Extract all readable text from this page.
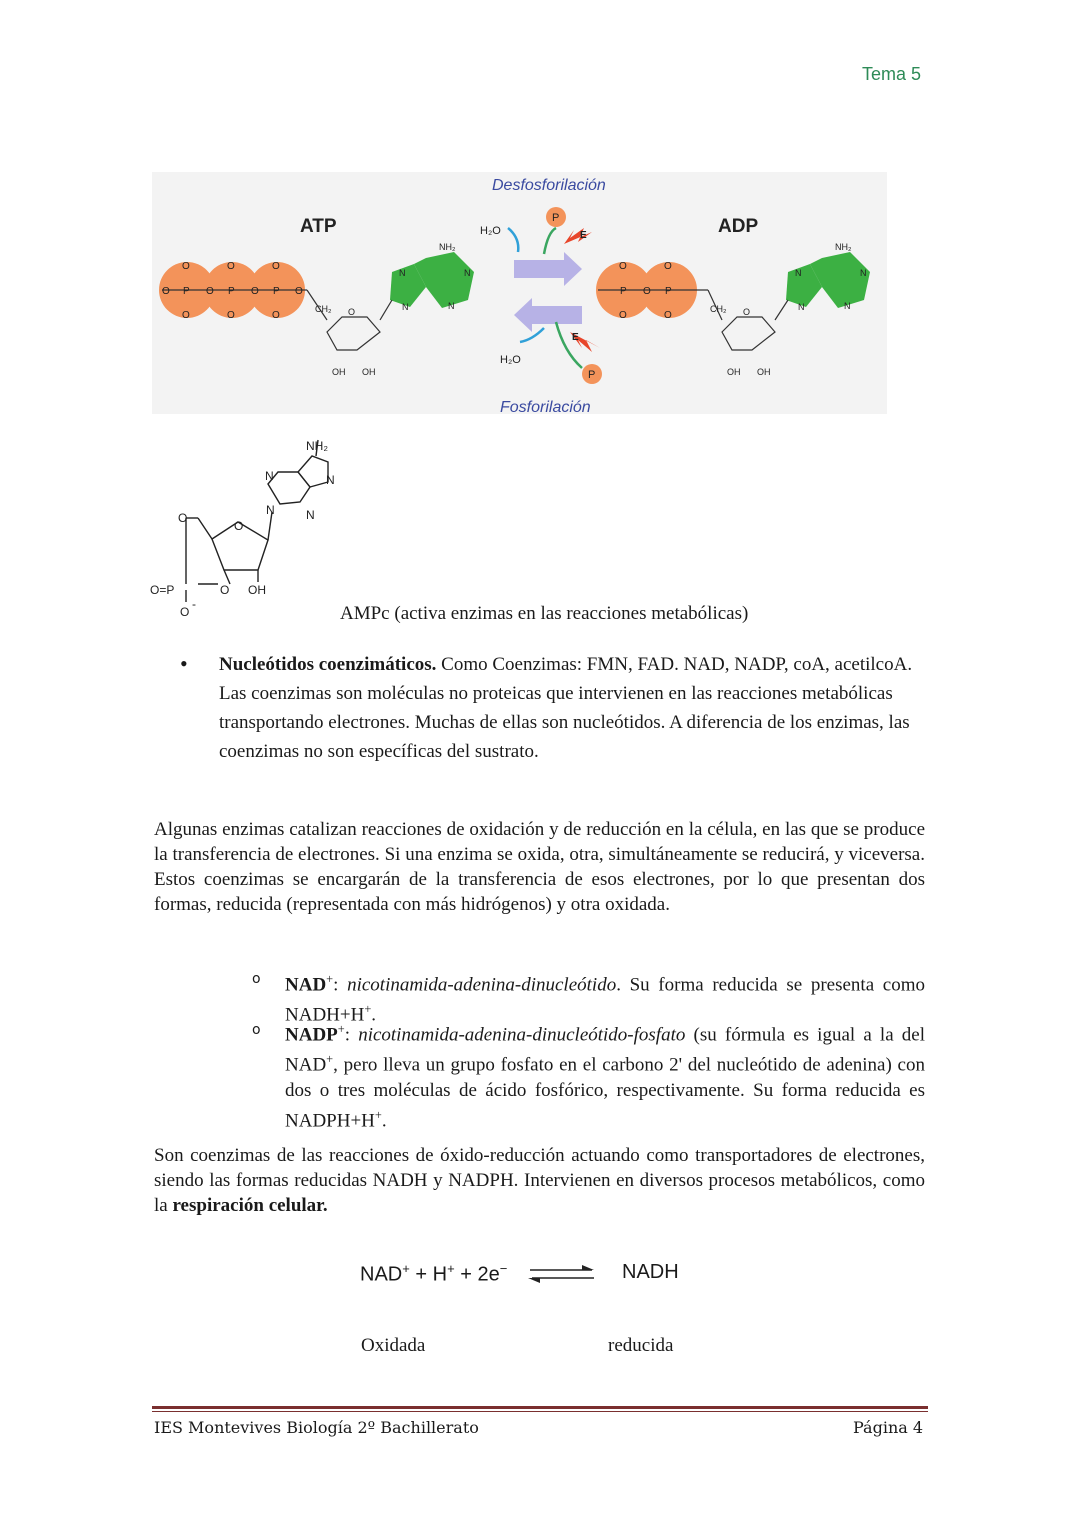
Tema 5
O	O	O
P	P	P
O	O	O
O	O	O
O
ATP
CH₂ O
OH OH
NH₂
N	N
N	N
Desfosforilación
Fosforilación
H₂O
H₂O
P
P
E
E
O	O
P	P
O
O	O
ADP
CH₂ O
OH OH
NH₂
N	N
N	N
NH₂
N	N
N	N
O
O
O=P	O OH
O
-	AMPc (activa enzimas en las reacciones metabólicas)
• Nucleótidos coenzimáticos. Como Coenzimas: FMN, FAD. NAD, NADP, coA, acetilcoA. Las coenzimas son moléculas no proteicas que intervienen en las reacciones metabólicas transportando electrones. Muchas de ellas son nucleótidos. A diferencia de los enzimas, las coenzimas no son específicas del sustrato.
Algunas enzimas catalizan reacciones de oxidación y de reducción en la célula, en las que se produce la transferencia de electrones. Si una enzima se oxida, otra, simultáneamente se reducirá, y viceversa. Estos coenzimas se encargarán de la transferencia de esos electrones, por lo que presentan dos formas, reducida (representada con más hidrógenos) y otra oxidada.
o NAD+: nicotinamida-adenina-dinucleótido. Su forma reducida se presenta como NADH+H+.
o NADP+: nicotinamida-adenina-dinucleótido-fosfato (su fórmula es igual a la del NAD+, pero lleva un grupo fosfato en el carbono 2' del nucleótido de adenina) con dos o tres moléculas de ácido fosfórico, respectivamente. Su forma reducida es NADPH+H+.
Son coenzimas de las reacciones de óxido-reducción actuando como transportadores de electrones, siendo las formas reducidas NADH y NADPH. Intervienen en diversos procesos metabólicos, como la respiración celular.
NAD+ + H+ + 2e− ⇌ NADH
Oxidada	reducida
IES Montevives Biología 2º Bachillerato	Página 4
